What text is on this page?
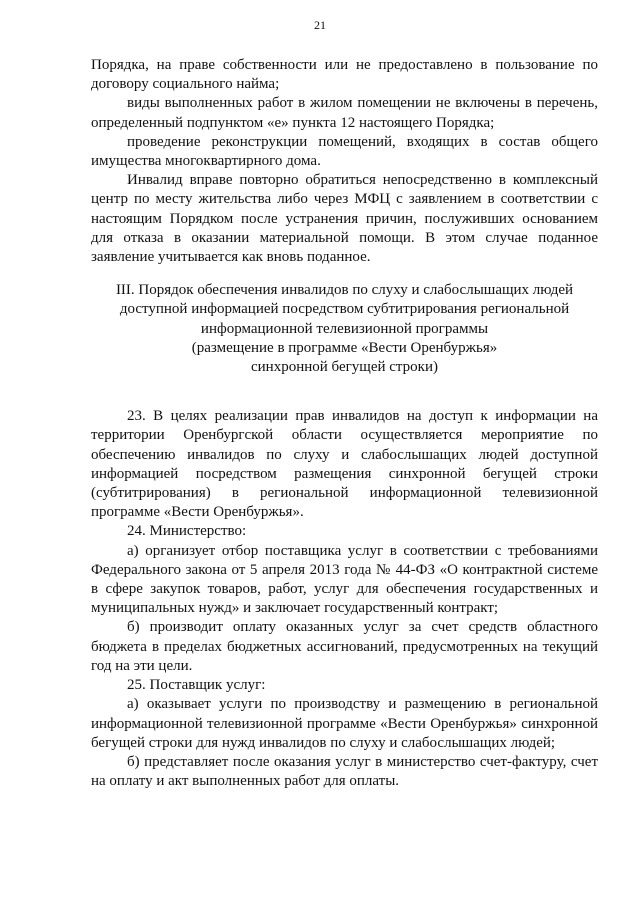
21

Порядка, на праве собственности или не предоставлено в пользование по договору социального найма;

виды выполненных работ в жилом помещении не включены в перечень, определенный подпунктом «е» пункта 12 настоящего Порядка;

проведение реконструкции помещений, входящих в состав общего имущества многоквартирного дома.

Инвалид вправе повторно обратиться непосредственно в комплексный центр по месту жительства либо через МФЦ с заявлением в соответствии с настоящим Порядком после устранения причин, послуживших основанием для отказа в оказании материальной помощи. В этом случае поданное заявление учитывается как вновь поданное.

III. Порядок обеспечения инвалидов по слуху и слабослышащих людей
доступной информацией посредством субтитрирования региональной
информационной телевизионной программы
(размещение в программе «Вести Оренбуржья»
синхронной бегущей строки)

23. В целях реализации прав инвалидов на доступ к информации на территории Оренбургской области осуществляется мероприятие по обеспечению инвалидов по слуху и слабослышащих людей доступной информацией посредством размещения синхронной бегущей строки (субтитрирования) в региональной информационной телевизионной программе «Вести Оренбуржья».

24. Министерство:

а) организует отбор поставщика услуг в соответствии с требованиями Федерального закона от 5 апреля 2013 года № 44-ФЗ «О контрактной системе в сфере закупок товаров, работ, услуг для обеспечения государственных и муниципальных нужд» и заключает государственный контракт;

б) производит оплату оказанных услуг за счет средств областного бюджета в пределах бюджетных ассигнований, предусмотренных на текущий год на эти цели.

25. Поставщик услуг:

а) оказывает услуги по производству и размещению в региональной информационной телевизионной программе «Вести Оренбуржья» синхронной бегущей строки для нужд инвалидов по слуху и слабослышащих людей;

б) представляет после оказания услуг в министерство счет-фактуру, счет на оплату и акт выполненных работ для оплаты.
